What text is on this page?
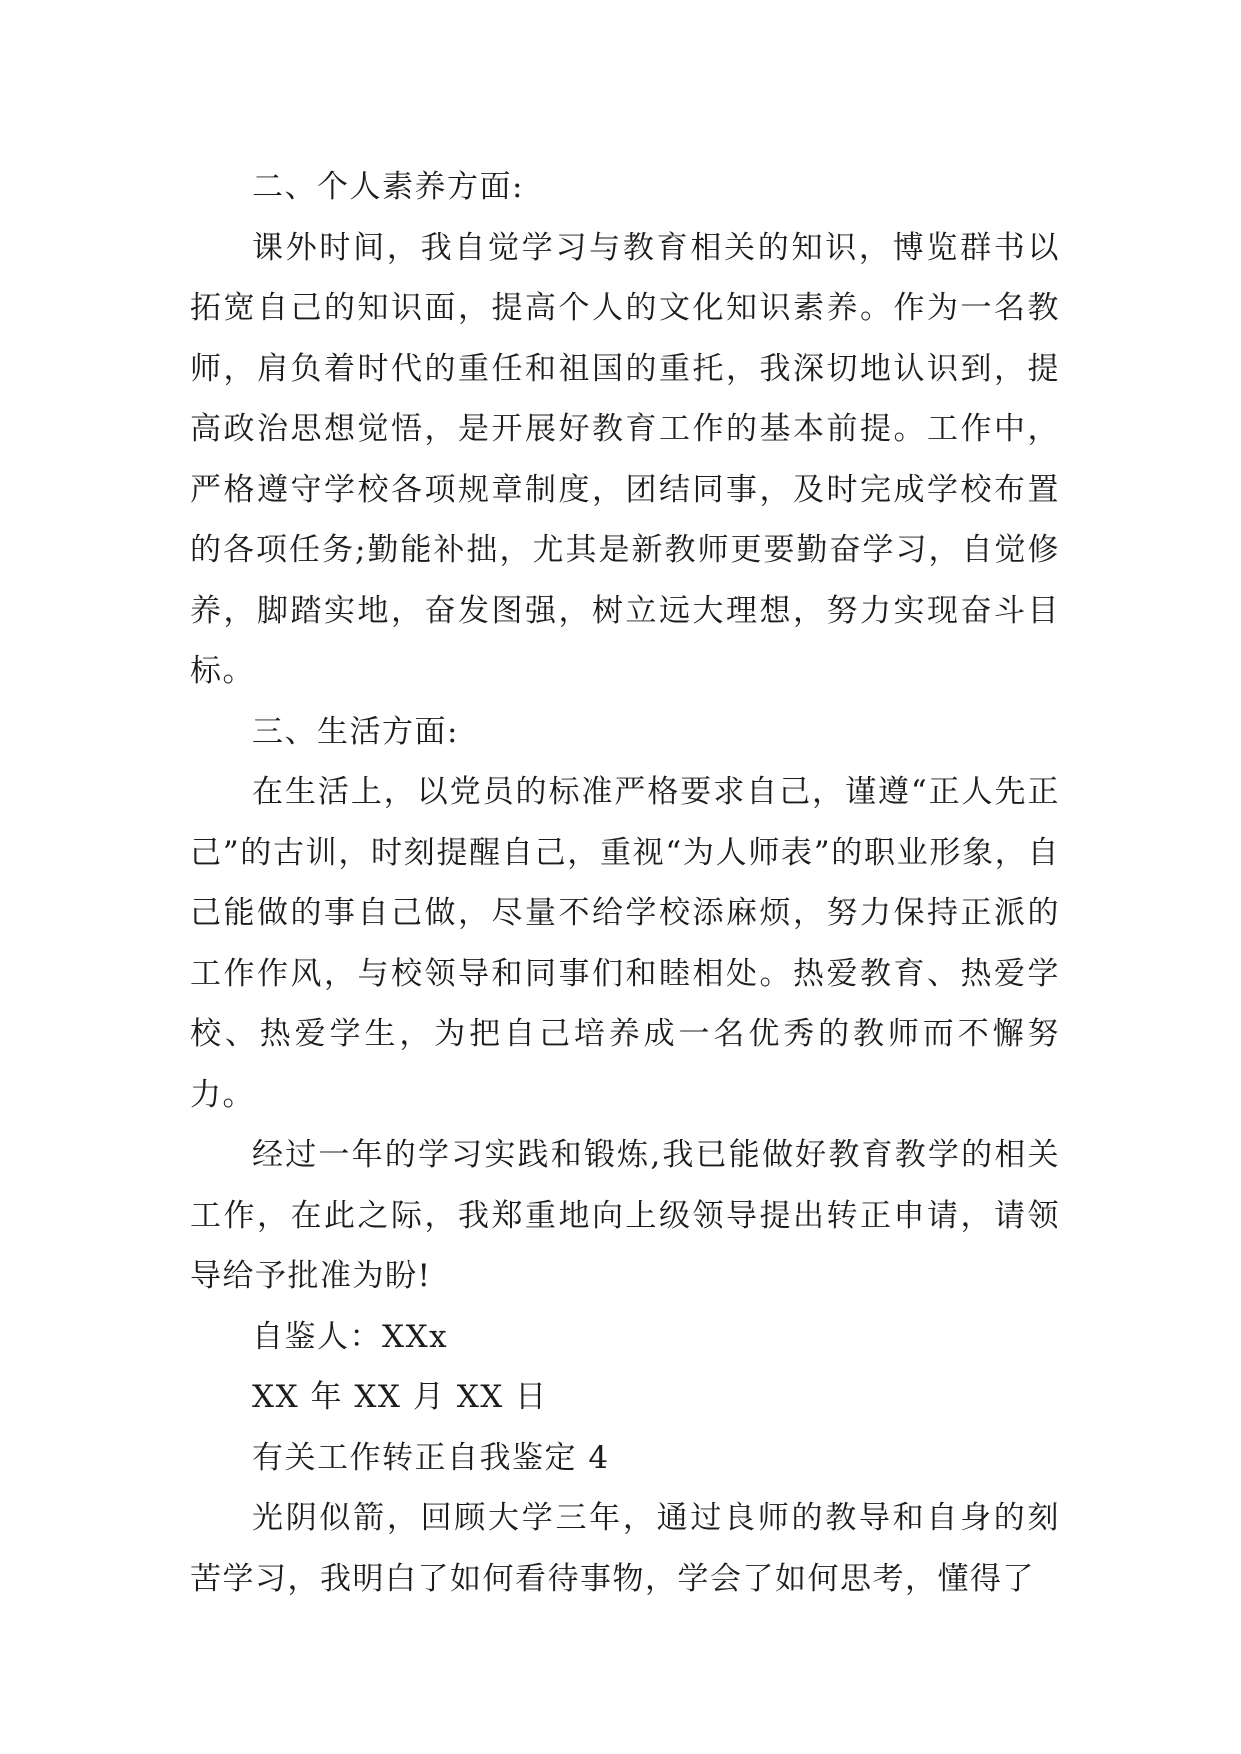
二、个人素养方面:

课外时间，我自觉学习与教育相关的知识，博览群书以拓宽自己的知识面，提高个人的文化知识素养。作为一名教师，肩负着时代的重任和祖国的重托，我深切地认识到，提高政治思想觉悟，是开展好教育工作的基本前提。工作中，严格遵守学校各项规章制度，团结同事，及时完成学校布置的各项任务;勤能补拙，尤其是新教师更要勤奋学习，自觉修养，脚踏实地，奋发图强，树立远大理想，努力实现奋斗目标。

三、生活方面:

在生活上，以党员的标准严格要求自己，谨遵“正人先正己”的古训，时刻提醒自己，重视“为人师表”的职业形象，自己能做的事自己做，尽量不给学校添麻烦，努力保持正派的工作作风，与校领导和同事们和睦相处。热爱教育、热爱学校、热爱学生，为把自己培养成一名优秀的教师而不懈努力。

经过一年的学习实践和锻炼,我已能做好教育教学的相关工作，在此之际，我郑重地向上级领导提出转正申请，请领导给予批准为盼!

自鉴人：XXx

XX 年 XX 月 XX 日

有关工作转正自我鉴定 4

光阴似箭，回顾大学三年，通过良师的教导和自身的刻苦学习，我明白了如何看待事物，学会了如何思考，懂得了
